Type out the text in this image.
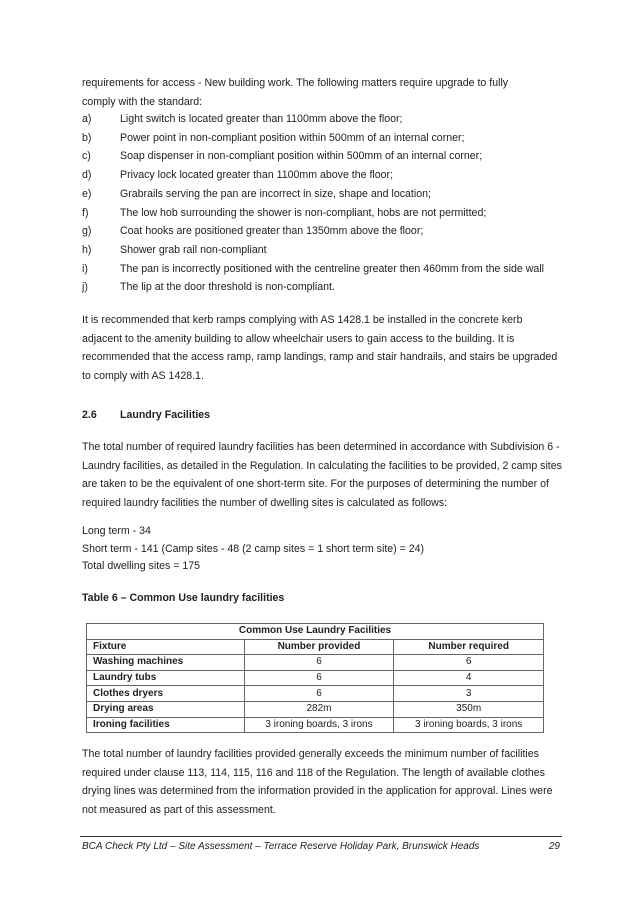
requirements for access - New building work. The following matters require upgrade to fully

comply with the standard:

a)	Light switch is located greater than 1100mm above the floor;
b)	Power point in non-compliant position within 500mm of an internal corner;
c)	Soap dispenser in non-compliant position within 500mm of an internal corner;
d)	Privacy lock located greater than 1100mm above the floor;
e)	Grabrails serving the pan are incorrect in size, shape and location;
f)	The low hob surrounding the shower is non-compliant, hobs are not permitted;
g)	Coat hooks are positioned greater than 1350mm above the floor;
h)	Shower grab rail non-compliant
i)	The pan is incorrectly positioned with the centreline greater then 460mm from the side wall
j)	The lip at the door threshold is non-compliant.

It is recommended that kerb ramps complying with AS 1428.1 be installed in the concrete kerb adjacent to the amenity building to allow wheelchair users to gain access to the building. It is recommended that the access ramp, ramp landings, ramp and stair handrails, and stairs be upgraded to comply with AS 1428.1.

2.6 Laundry Facilities

The total number of required laundry facilities has been determined in accordance with Subdivision 6 - Laundry facilities, as detailed in the Regulation. In calculating the facilities to be provided, 2 camp sites are taken to be the equivalent of one short-term site. For the purposes of determining the number of required laundry facilities the number of dwelling sites is calculated as follows:

Long term - 34

Short term - 141 (Camp sites - 48 (2 camp sites = 1 short term site) = 24)

Total dwelling sites = 175

Table 6 – Common Use laundry facilities
Common Use Laundry Facilities		
Fixture	Number provided	Number required
Washing machines	6	6
Laundry tubs	6	4
Clothes dryers	6	3
Drying areas	282m	350m
Ironing facilities	3 ironing boards, 3 irons	3 ironing boards, 3 irons

The total number of laundry facilities provided generally exceeds the minimum number of facilities required under clause 113, 114, 115, 116 and 118 of the Regulation. The length of available clothes drying lines was determined from the information provided in the application for approval. Lines were not measured as part of this assessment.

BCA Check Pty Ltd – Site Assessment – Terrace Reserve Holiday Park, Brunswick Heads	29
